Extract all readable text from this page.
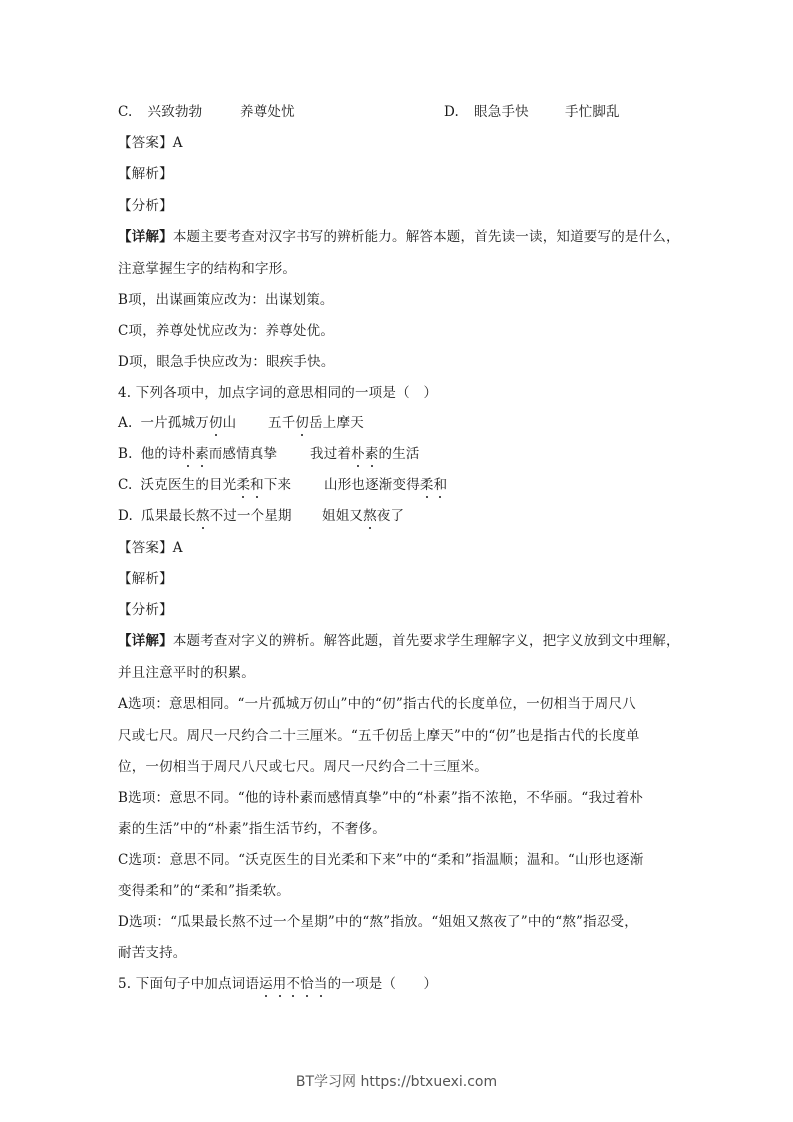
C. 兴致勃勃	养尊处忧	D. 眼急手快	手忙脚乱
【答案】A
【解析】
【分析】
【详解】本题主要考查对汉字书写的辨析能力。解答本题，首先读一读，知道要写的是什么，
注意掌握生字的结构和字形。
B项，出谋画策应改为：出谋划策。
C项，养尊处忧应改为：养尊处优。
D项，眼急手快应改为：眼疾手快。
4. 下列各项中，加点字词的意思相同的一项是（　）
A. 一片孤城万仞山 五千仞岳上摩天
B. 他的诗朴素而感情真挚 我过着朴素的生活
C. 沃克医生的目光柔和下来 山形也逐渐变得柔和
D. 瓜果最长熬不过一个星期 姐姐又熬夜了
【答案】A
【解析】
【分析】
【详解】本题考查对字义的辨析。解答此题，首先要求学生理解字义，把字义放到文中理解，
并且注意平时的积累。
A选项：意思相同。“一片孤城万仞山”中的“仞”指古代的长度单位，一仞相当于周尺八
尺或七尺。周尺一尺约合二十三厘米。“五千仞岳上摩天”中的“仞”也是指古代的长度单
位，一仞相当于周尺八尺或七尺。周尺一尺约合二十三厘米。
B选项：意思不同。“他的诗朴素而感情真挚”中的“朴素”指不浓艳，不华丽。“我过着朴
素的生活”中的“朴素”指生活节约，不奢侈。
C选项：意思不同。“沃克医生的目光柔和下来”中的“柔和”指温顺；温和。“山形也逐渐
变得柔和”的“柔和”指柔软。
D选项：“瓜果最长熬不过一个星期”中的“熬”指放。“姐姐又熬夜了”中的“熬”指忍受，
耐苦支持。
5. 下面句子中加点词语运用不恰当的一项是（　　）
BT学习网 https://btxuexi.com
